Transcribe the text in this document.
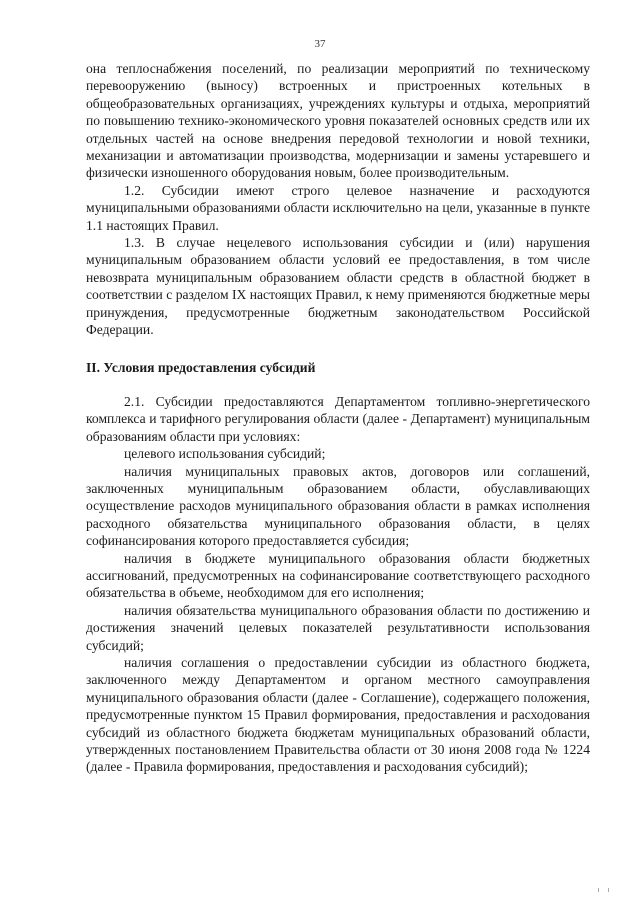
37

она теплоснабжения поселений, по реализации мероприятий по техническому перевооружению (выносу) встроенных и пристроенных котельных в общеобразовательных организациях, учреждениях культуры и отдыха, мероприятий по повышению технико-экономического уровня показателей основных средств или их отдельных частей на основе внедрения передовой технологии и новой техники, механизации и автоматизации производства, модернизации и замены устаревшего и физически изношенного оборудования новым, более производительным.

1.2. Субсидии имеют строго целевое назначение и расходуются муниципальными образованиями области исключительно на цели, указанные в пункте 1.1 настоящих Правил.

1.3. В случае нецелевого использования субсидии и (или) нарушения муниципальным образованием области условий ее предоставления, в том числе невозврата муниципальным образованием области средств в областной бюджет в соответствии с разделом IX настоящих Правил, к нему применяются бюджетные меры принуждения, предусмотренные бюджетным законодательством Российской Федерации.

II. Условия предоставления субсидий

2.1. Субсидии предоставляются Департаментом топливно-энергетического комплекса и тарифного регулирования области (далее - Департамент) муниципальным образованиям области при условиях:

целевого использования субсидий;

наличия муниципальных правовых актов, договоров или соглашений, заключенных муниципальным образованием области, обуславливающих осуществление расходов муниципального образования области в рамках исполнения расходного обязательства муниципального образования области, в целях софинансирования которого предоставляется субсидия;

наличия в бюджете муниципального образования области бюджетных ассигнований, предусмотренных на софинансирование соответствующего расходного обязательства в объеме, необходимом для его исполнения;

наличия обязательства муниципального образования области по достижению и достижения значений целевых показателей результативности использования субсидий;

наличия соглашения о предоставлении субсидии из областного бюджета, заключенного между Департаментом и органом местного самоуправления муниципального образования области (далее - Соглашение), содержащего положения, предусмотренные пунктом 15 Правил формирования, предоставления и расходования субсидий из областного бюджета бюджетам муниципальных образований области, утвержденных постановлением Правительства области от 30 июня 2008 года № 1224 (далее - Правила формирования, предоставления и расходования субсидий);
